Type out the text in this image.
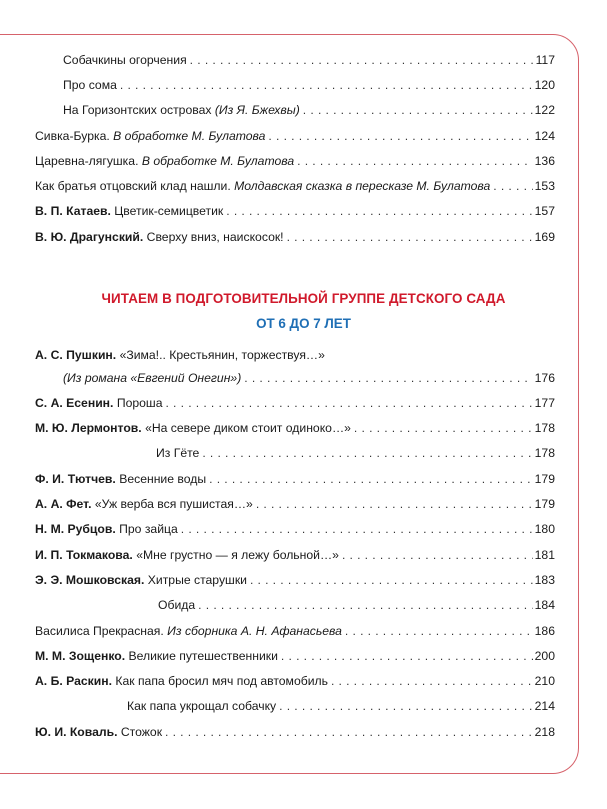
Собачкины огорчения . . .	117
Про сома . . .	120
На Горизонтских островах (Из Я. Бжехвы) . . .	122
Сивка-Бурка. В обработке М. Булатова . . .	124
Царевна-лягушка. В обработке М. Булатова . . .	136
Как братья отцовский клад нашли. Молдавская сказка в пересказе М. Булатова . . .	153
В. П. Катаев. Цветик-семицветик . . .	157
В. Ю. Драгунский. Сверху вниз, наискосок! . . .	169
ЧИТАЕМ В ПОДГОТОВИТЕЛЬНОЙ ГРУППЕ ДЕТСКОГО САДА
ОТ 6 ДО 7 ЛЕТ
А. С. Пушкин. «Зима!.. Крестьянин, торжествуя…»
(Из романа «Евгений Онегин») . . .	176
С. А. Есенин. Пороша . . .	177
М. Ю. Лермонтов. «На севере диком стоит одиноко…» . . .	178
Из Гёте . . .	178
Ф. И. Тютчев. Весенние воды . . .	179
А. А. Фет. «Уж верба вся пушистая…» . . .	179
Н. М. Рубцов. Про зайца . . .	180
И. П. Токмакова. «Мне грустно — я лежу больной…» . . .	181
Э. Э. Мошковская. Хитрые старушки . . .	183
Обида . . .	184
Василиса Прекрасная. Из сборника А. Н. Афанасьева . . .	186
М. М. Зощенко. Великие путешественники . . .	200
А. Б. Раскин. Как папа бросил мяч под автомобиль . . .	210
Как папа укрощал собачку . . .	214
Ю. И. Коваль. Стожок . . .	218
